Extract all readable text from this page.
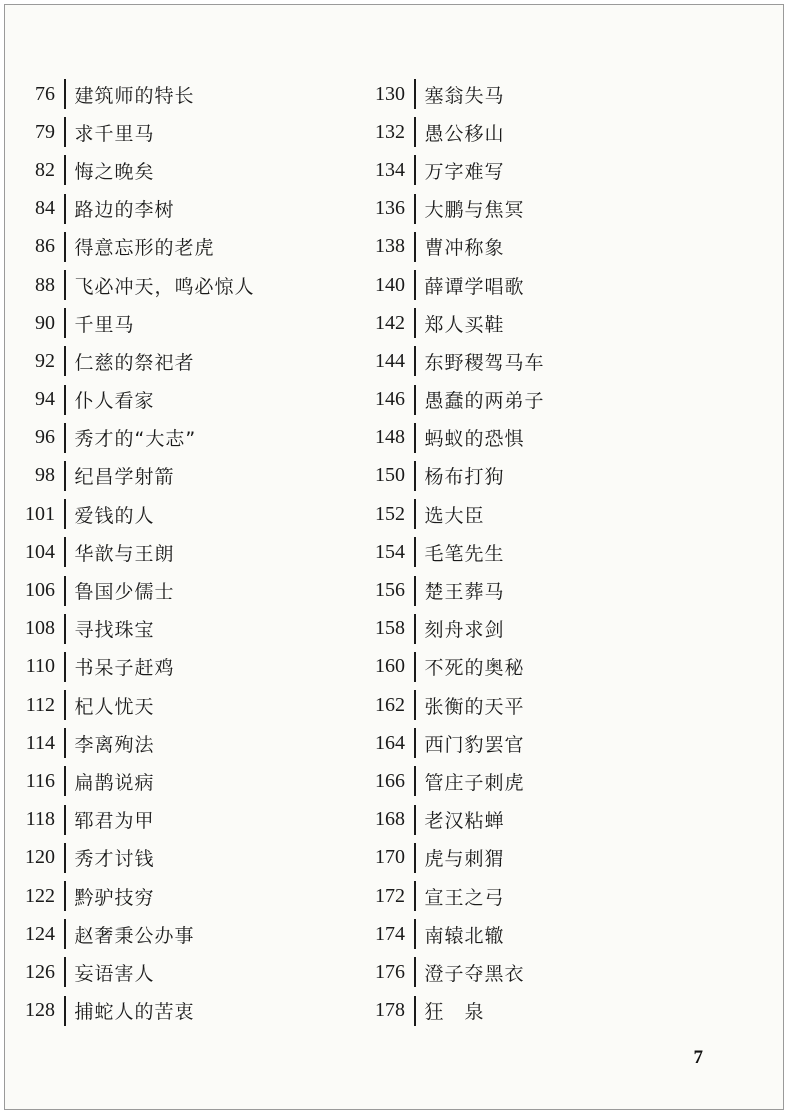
76	建筑师的特长
79	求千里马
82	悔之晚矣
84	路边的李树
86	得意忘形的老虎
88	飞必冲天，鸣必惊人
90	千里马
92	仁慈的祭祀者
94	仆人看家
96	秀才的“大志”
98	纪昌学射箭
101	爱钱的人
104	华歆与王朗
106	鲁国少儒士
108	寻找珠宝
110	书呆子赶鸡
112	杞人忧天
114	李离殉法
116	扁鹊说病
118	郓君为甲
120	秀才讨钱
122	黔驴技穷
124	赵奢秉公办事
126	妄语害人
128	捕蛇人的苦衷
130	塞翁失马
132	愚公移山
134	万字难写
136	大鹏与焦冥
138	曹冲称象
140	薛谭学唱歌
142	郑人买鞋
144	东野稷驾马车
146	愚蠢的两弟子
148	蚂蚁的恐惧
150	杨布打狗
152	选大臣
154	毛笔先生
156	楚王葬马
158	刻舟求剑
160	不死的奥秘
162	张衡的天平
164	西门豹罢官
166	管庄子刺虎
168	老汉粘蝉
170	虎与刺猬
172	宣王之弓
174	南辕北辙
176	澄子夺黑衣
178	狂　泉
7
